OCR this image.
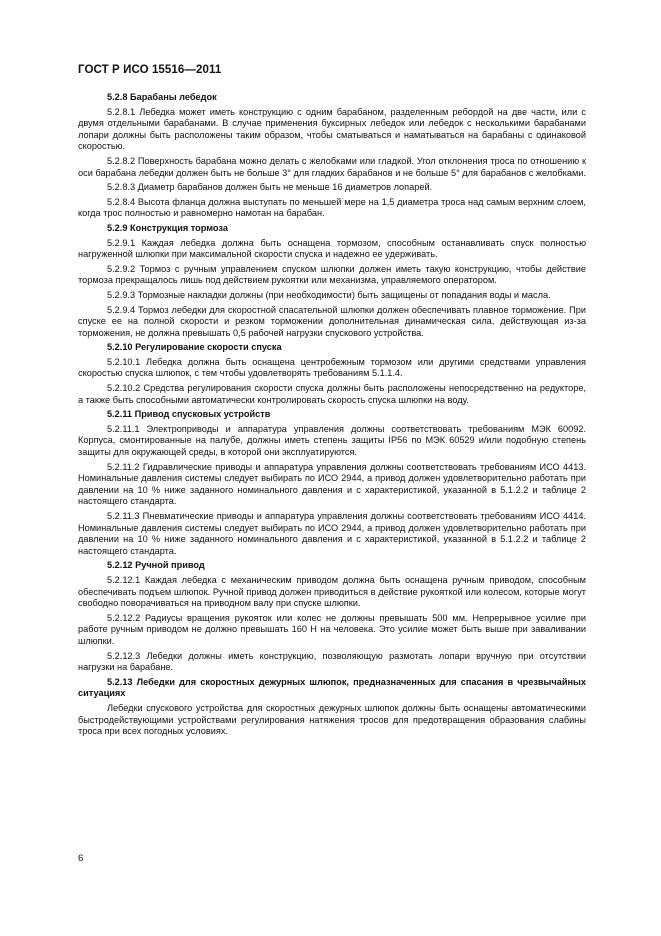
ГОСТ Р ИСО 15516—2011

5.2.8 Барабаны лебедок

5.2.8.1 Лебедка может иметь конструкцию с одним барабаном, разделенным ребордой на две части, или с двумя отдельными барабанами. В случае применения буксирных лебедок или лебедок с несколькими барабанами лопари должны быть расположены таким образом, чтобы сматываться и наматываться на барабаны с одинаковой скоростью.

5.2.8.2 Поверхность барабана можно делать с желобками или гладкой. Угол отклонения троса по отношению к оси барабана лебедки должен быть не больше 3° для гладких барабанов и не больше 5° для барабанов с желобками.

5.2.8.3 Диаметр барабанов должен быть не меньше 16 диаметров лопарей.

5.2.8.4 Высота фланца должна выступать по меньшей мере на 1,5 диаметра троса над самым верхним слоем, когда трос полностью и равномерно намотан на барабан.

5.2.9 Конструкция тормоза

5.2.9.1 Каждая лебедка должна быть оснащена тормозом, способным останавливать спуск полностью нагруженной шлюпки при максимальной скорости спуска и надежно ее удерживать.

5.2.9.2 Тормоз с ручным управлением спуском шлюпки должен иметь такую конструкцию, чтобы действие тормоза прекращалось лишь под действием рукоятки или механизма, управляемого оператором.

5.2.9.3 Тормозные накладки должны (при необходимости) быть защищены от попадания воды и масла.

5.2.9.4 Тормоз лебедки для скоростной спасательной шлюпки должен обеспечивать плавное торможение. При спуске ее на полной скорости и резком торможении дополнительная динамическая сила, действующая из-за торможения, не должна превышать 0,5 рабочей нагрузки спускового устройства.

5.2.10 Регулирование скорости спуска

5.2.10.1 Лебедка должна быть оснащена центробежным тормозом или другими средствами управления скоростью спуска шлюпок, с тем чтобы удовлетворять требованиям 5.1.1.4.

5.2.10.2 Средства регулирования скорости спуска должны быть расположены непосредственно на редукторе, а также быть способными автоматически контролировать скорость спуска шлюпки на воду.

5.2.11 Привод спусковых устройств

5.2.11.1 Электроприводы и аппаратура управления должны соответствовать требованиям МЭК 60092. Корпуса, смонтированные на палубе, должны иметь степень защиты IP56 по МЭК 60529 и/или подобную степень защиты для окружающей среды, в которой они эксплуатируются.

5.2.11.2 Гидравлические приводы и аппаратура управления должны соответствовать требованиям ИСО 4413. Номинальные давления системы следует выбирать по ИСО 2944, а привод должен удовлетворительно работать при давлении на 10 % ниже заданного номинального давления и с характеристикой, указанной в 5.1.2.2 и таблице 2 настоящего стандарта.

5.2.11.3 Пневматические приводы и аппаратура управления должны соответствовать требованиям ИСО 4414. Номинальные давления системы следует выбирать по ИСО 2944, а привод должен удовлетворительно работать при давлении на 10 % ниже заданного номинального давления и с характеристикой, указанной в 5.1.2.2 и таблице 2 настоящего стандарта.

5.2.12 Ручной привод

5.2.12.1 Каждая лебедка с механическим приводом должна быть оснащена ручным приводом, способным обеспечивать подъем шлюпок. Ручной привод должен приводиться в действие рукояткой или колесом, которые могут свободно поворачиваться на приводном валу при спуске шлюпки.

5.2.12.2 Радиусы вращения рукояток или колес не должны превышать 500 мм. Непрерывное усилие при работе ручным приводом не должно превышать 160 Н на человека. Это усилие может быть выше при заваливании шлюпки.

5.2.12.3 Лебедки должны иметь конструкцию, позволяющую размотать лопари вручную при отсутствии нагрузки на барабане.

5.2.13 Лебедки для скоростных дежурных шлюпок, предназначенных для спасания в чрезвычайных ситуациях

Лебедки спускового устройства для скоростных дежурных шлюпок должны быть оснащены автоматическими быстродействующими устройствами регулирования натяжения тросов для предотвращения образования слабины троса при всех погодных условиях.

6
